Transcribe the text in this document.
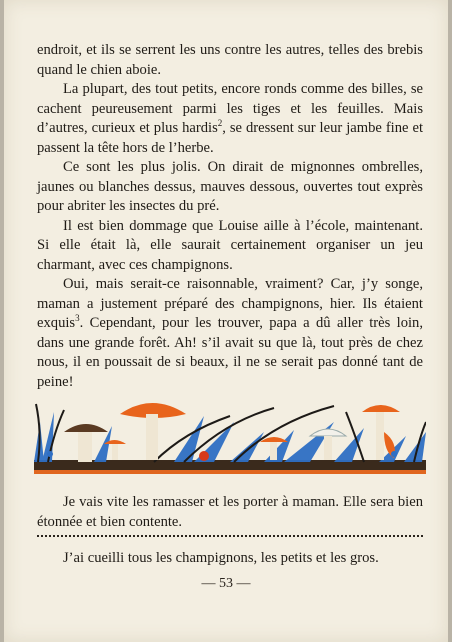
endroit, et ils se serrent les uns contre les autres, telles des brebis quand le chien aboie.

La plupart, des tout petits, encore ronds comme des billes, se cachent peureusement parmi les tiges et les feuilles. Mais d’autres, curieux et plus hardis$^2$, se dressent sur leur jambe fine et passent la tête hors de l’herbe.

Ce sont les plus jolis. On dirait de mignonnes ombrelles, jaunes ou blanches dessus, mauves dessous, ouvertes tout exprès pour abriter les insectes du pré.

Il est bien dommage que Louise aille à l’école, maintenant. Si elle était là, elle saurait certainement organiser un jeu charmant, avec ces champignons.

Oui, mais serait-ce raisonnable, vraiment? Car, j’y songe, maman a justement préparé des champignons, hier. Ils étaient exquis$^3$. Cependant, pour les trouver, papa a dû aller très loin, dans une grande forêt. Ah! s’il avait su que là, tout près de chez nous, il en poussait de si beaux, il ne se serait pas donné tant de peine!

Je vais vite les ramasser et les porter à maman. Elle sera bien étonnée et bien contente.

J’ai cueilli tous les champignons, les petits et les gros.

— 53 —
